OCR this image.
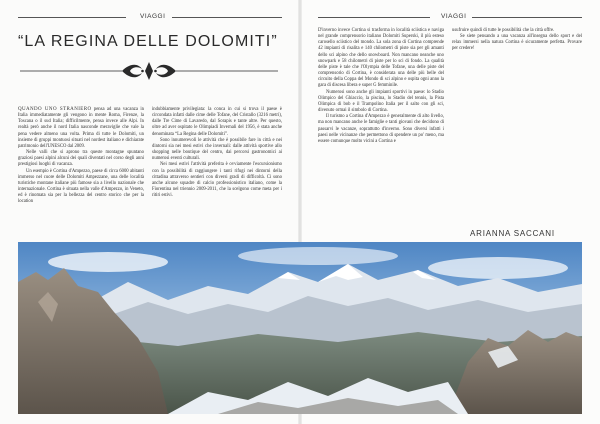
VIAGGI	VIAGGI
“LA REGINA DELLE DOLOMITI”

QUANDO UNO STRANIERO pensa ad una vacanza in Italia immediatamente gli vengono in mente Roma, Firenze, la Toscana o il sud Italia; difficilmente, pensa invece alle Alpi. In realtà però anche il nord Italia nasconde meraviglie che vale la pena vedere almeno una volta. Prima di tutte le Dolomiti, un insieme di gruppi montuosi situati nel nordest italiano e dichiarate patrimonio dell'UNESCO dal 2009.

Nelle valli che si aprono tra queste montagne spuntano graziosi paesi alpini alcuni dei quali diventati nel corso degli anni prestigiosi luoghi di vacanza.

Un esempio è Cortina d'Ampezzo, paese di circa 6000 abitanti immerso nel cuore delle Dolomiti Ampezzane, una delle località turistiche montane italiane più famose sia a livello nazionale che internazionale. Cortina è situata nella valle d'Ampezzo, in Veneto, ed è rinomata sia per la bellezza del centro storico che per la location

indubbiamente privilegiata: la conca in cui si trova il paese è circondata infatti dalle cime delle Tofane, del Cristallo (3216 metri), dalle Tre Cime di Lavaredo, dal Sorapis e tante altre. Per questo, oltre ad aver ospitato le Olimpiadi Invernali del 1956, è stata anche denominata “La Regina delle Dolomiti”.

Sono innumerevoli le attività che è possibile fare in città e nei dintorni sia nei mesi estivi che invernali: dalle attività sportive allo shopping nelle boutique del centro, dai percorsi gastronomici ai numerosi eventi culturali.

Nei mesi estivi l'attività preferita è ovviamente l'escursionismo con la possibilità di raggiungere i tanti rifugi nei dintorni della cittadina attraverso sentieri con diversi gradi di difficoltà. Ci sono anche alcune squadre di calcio professionistico italiano, come la Fiorentina nel triennio 2009-2011, che la scelgono come meta per i ritiri estivi.

D'inverno invece Cortina si trasforma in località sciistica e naviga nel grande comprensorio italiano Dolomiti Superski, il più esteso carosello sciistico del mondo. La sola zona di Cortina comprende 42 impianti di risalita e 140 chilometri di piste sia per gli amanti dello sci alpino che dello snowboard. Non mancano neanche uno snowpark e 58 chilometri di piste per lo sci di fondo. La qualità delle piste è tale che l'Olympia delle Tofane, una delle piste del comprensorio di Cortina, è considerata una delle più belle del circuito della Coppa del Mondo di sci alpino e ospita ogni anno la gara di discesa libera e super G femminile.

Numerosi sono anche gli impianti sportivi in paese: lo Stadio Olimpico del Ghiaccio, la piscina, lo Stadio del tennis, la Pista Olimpica di bob e il Trampolino Italia per il salto con gli sci, divenuto ormai il simbolo di Cortina.

Il turismo a Cortina d'Ampezzo è generalmente di alto livello, ma non mancano anche le famiglie e tanti giovani che decidono di passarvi le vacanze, soprattutto d'inverno. Sono diversi infatti i paesi nelle vicinanze che permettono di spendere un po' meno, ma essere comunque molto vicini a Cortina e

usufruire quindi di tutte le possibilità che la città offre.

Se siete pensando a una vacanza all'insegna dello sport e del relax immersi nella natura Cortina è sicuramente perfetta. Provare per credere!

ARIANNA SACCANI
